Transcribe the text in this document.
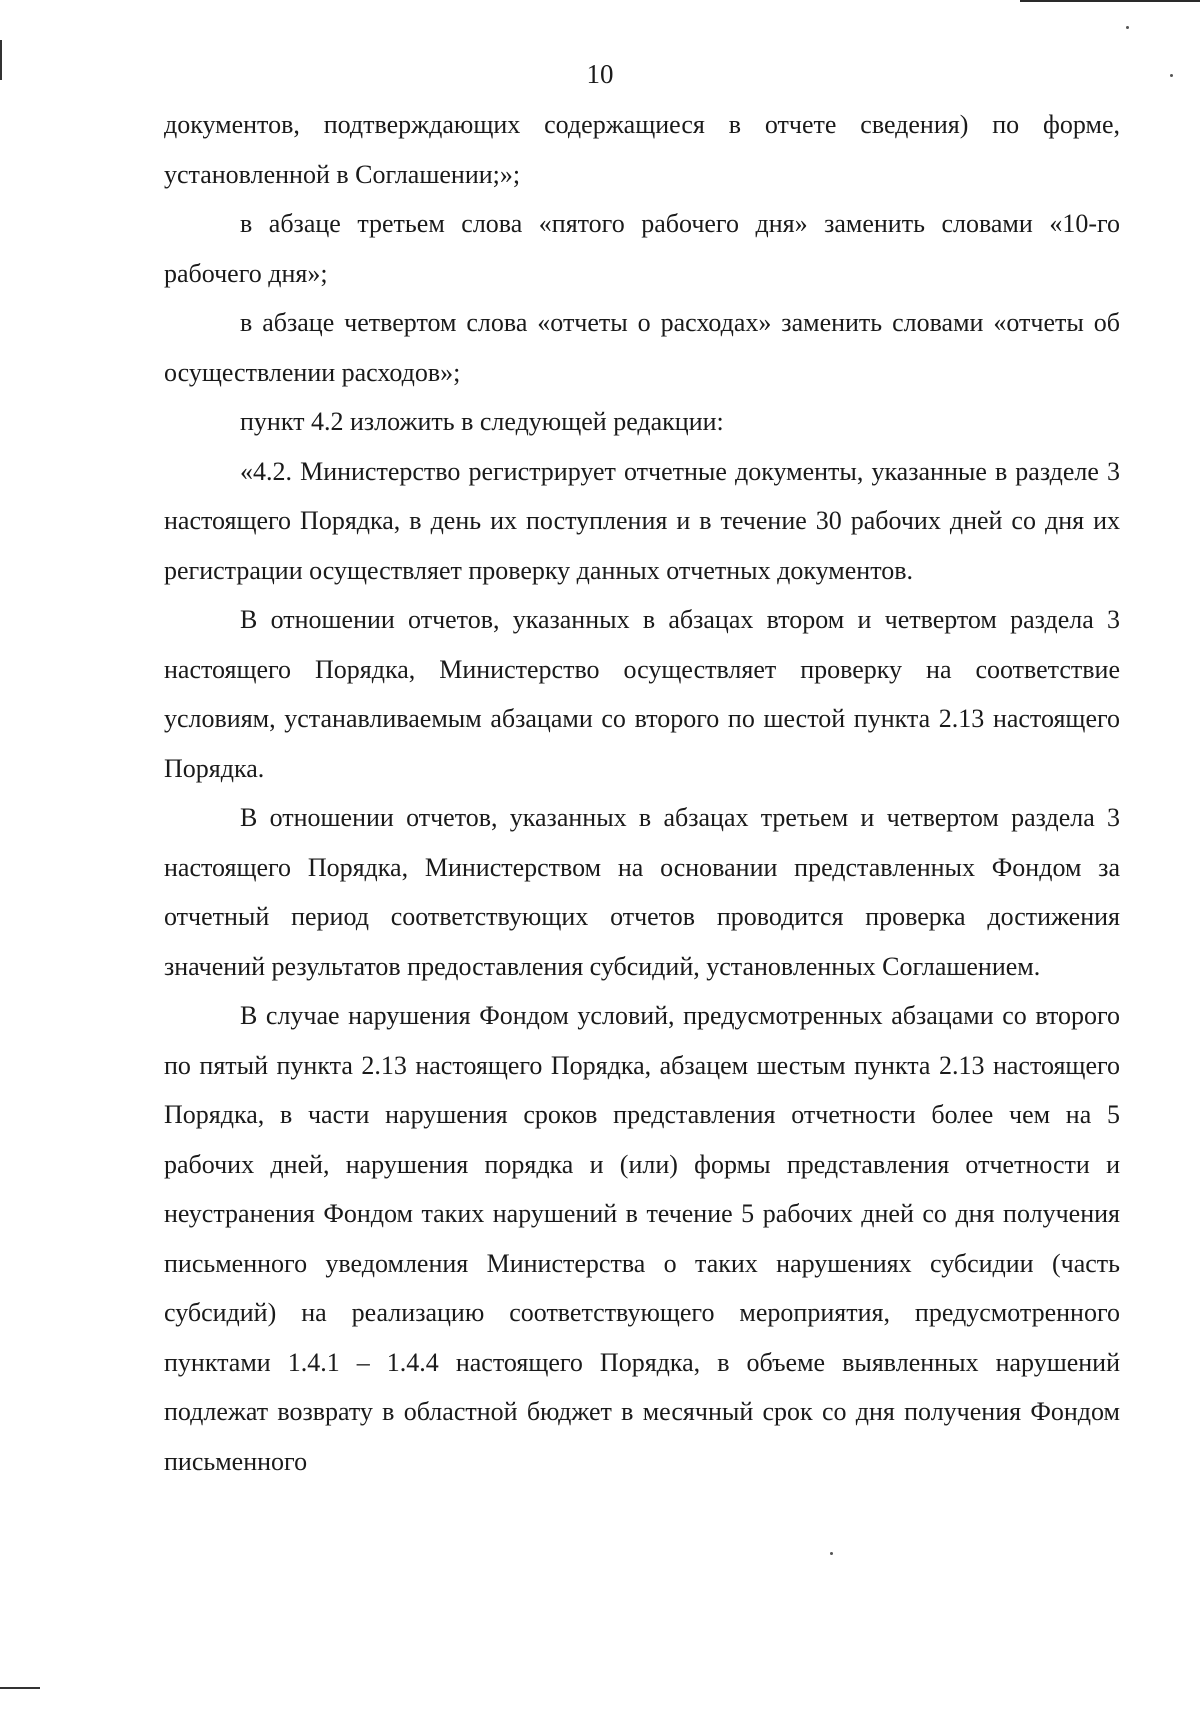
10

документов, подтверждающих содержащиеся в отчете сведения) по форме, установленной в Соглашении;»;

в абзаце третьем слова «пятого рабочего дня» заменить словами «10-го рабочего дня»;

в абзаце четвертом слова «отчеты о расходах» заменить словами «отчеты об осуществлении расходов»;

пункт 4.2 изложить в следующей редакции:

«4.2. Министерство регистрирует отчетные документы, указанные в разделе 3 настоящего Порядка, в день их поступления и в течение 30 рабочих дней со дня их регистрации осуществляет проверку данных отчетных документов.

В отношении отчетов, указанных в абзацах втором и четвертом раздела 3 настоящего Порядка, Министерство осуществляет проверку на соответствие условиям, устанавливаемым абзацами со второго по шестой пункта 2.13 настоящего Порядка.

В отношении отчетов, указанных в абзацах третьем и четвертом раздела 3 настоящего Порядка, Министерством на основании представленных Фондом за отчетный период соответствующих отчетов проводится проверка достижения значений результатов предоставления субсидий, установленных Соглашением.

В случае нарушения Фондом условий, предусмотренных абзацами со второго по пятый пункта 2.13 настоящего Порядка, абзацем шестым пункта 2.13 настоящего Порядка, в части нарушения сроков представления отчетности более чем на 5 рабочих дней, нарушения порядка и (или) формы представления отчетности и неустранения Фондом таких нарушений в течение 5 рабочих дней со дня получения письменного уведомления Министерства о таких нарушениях субсидии (часть субсидий) на реализацию соответствующего мероприятия, предусмотренного пунктами 1.4.1 – 1.4.4 настоящего Порядка, в объеме выявленных нарушений подлежат возврату в областной бюджет в месячный срок со дня получения Фондом письменного
